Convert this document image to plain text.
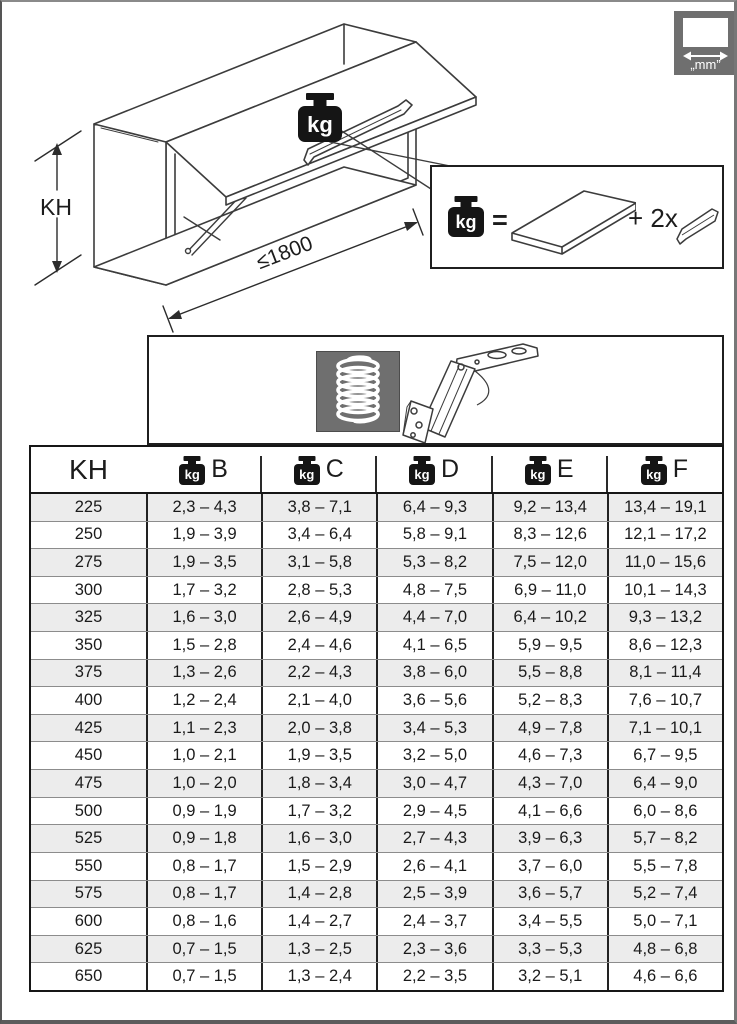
KH
≤1800
kg
„mm”
kg =	+ 2x
KH	kg B	kg C	kg D	kg E	kg F
225	2,3 – 4,3	3,8 – 7,1	6,4 – 9,3	9,2 – 13,4	13,4 – 19,1
250	1,9 – 3,9	3,4 – 6,4	5,8 – 9,1	8,3 – 12,6	12,1 – 17,2
275	1,9 – 3,5	3,1 – 5,8	5,3 – 8,2	7,5 – 12,0	11,0 – 15,6
300	1,7 – 3,2	2,8 – 5,3	4,8 – 7,5	6,9 – 11,0	10,1 – 14,3
325	1,6 – 3,0	2,6 – 4,9	4,4 – 7,0	6,4 – 10,2	9,3 – 13,2
350	1,5 – 2,8	2,4 – 4,6	4,1 – 6,5	5,9 – 9,5	8,6 – 12,3
375	1,3 – 2,6	2,2 – 4,3	3,8 – 6,0	5,5 – 8,8	8,1 – 11,4
400	1,2 – 2,4	2,1 – 4,0	3,6 – 5,6	5,2 – 8,3	7,6 – 10,7
425	1,1 – 2,3	2,0 – 3,8	3,4 – 5,3	4,9 – 7,8	7,1 – 10,1
450	1,0 – 2,1	1,9 – 3,5	3,2 – 5,0	4,6 – 7,3	6,7 – 9,5
475	1,0 – 2,0	1,8 – 3,4	3,0 – 4,7	4,3 – 7,0	6,4 – 9,0
500	0,9 – 1,9	1,7 – 3,2	2,9 – 4,5	4,1 – 6,6	6,0 – 8,6
525	0,9 – 1,8	1,6 – 3,0	2,7 – 4,3	3,9 – 6,3	5,7 – 8,2
550	0,8 – 1,7	1,5 – 2,9	2,6 – 4,1	3,7 – 6,0	5,5 – 7,8
575	0,8 – 1,7	1,4 – 2,8	2,5 – 3,9	3,6 – 5,7	5,2 – 7,4
600	0,8 – 1,6	1,4 – 2,7	2,4 – 3,7	3,4 – 5,5	5,0 – 7,1
625	0,7 – 1,5	1,3 – 2,5	2,3 – 3,6	3,3 – 5,3	4,8 – 6,8
650	0,7 – 1,5	1,3 – 2,4	2,2 – 3,5	3,2 – 5,1	4,6 – 6,6
